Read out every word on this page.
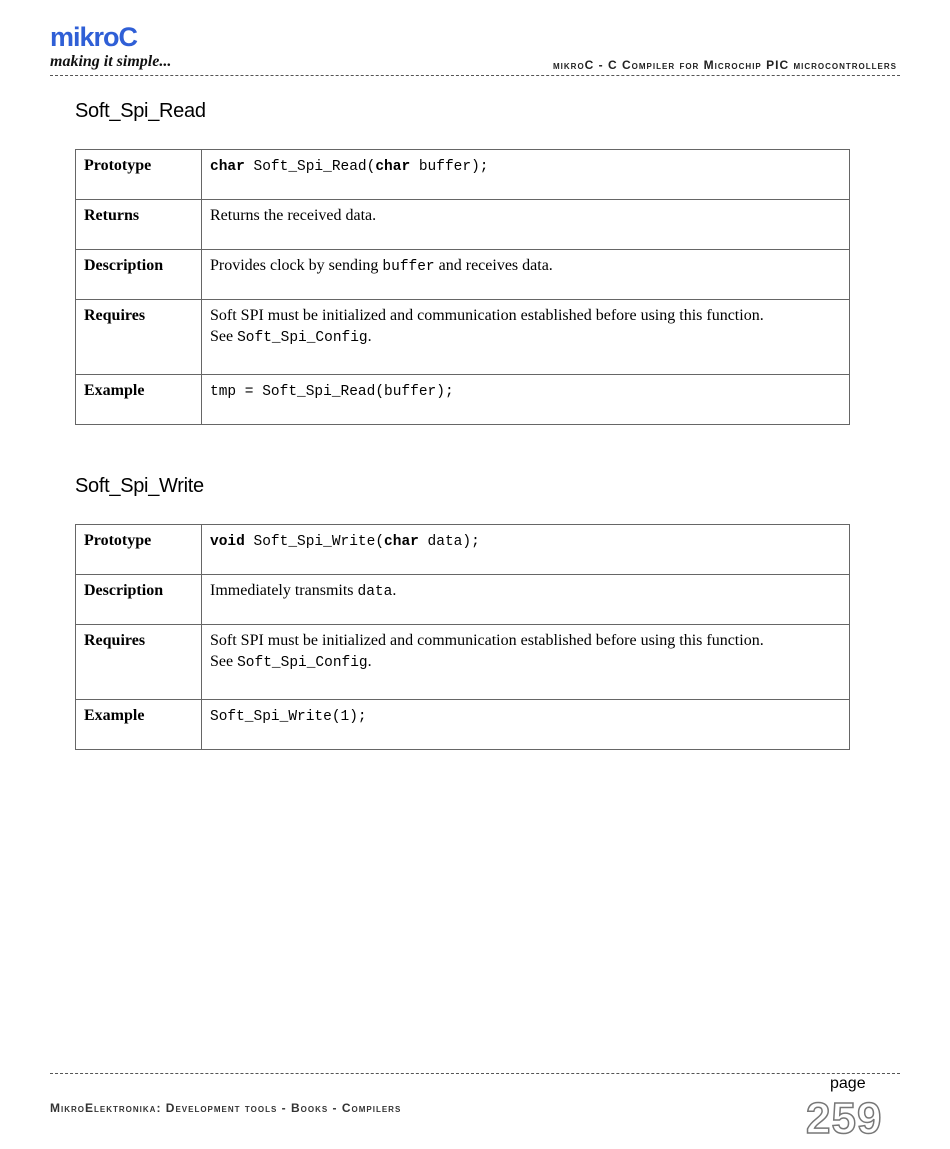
mikroC
making it simple...	mikroC - C Compiler for Microchip PIC microcontrollers
Soft_Spi_Read
Prototype	char Soft_Spi_Read(char buffer);
Returns	Returns the received data.
Description	Provides clock by sending buffer and receives data.
Requires	Soft SPI must be initialized and communication established before using this function.
See Soft_Spi_Config.
Example	tmp = Soft_Spi_Read(buffer);
Soft_Spi_Write
Prototype	void Soft_Spi_Write(char data);
Description	Immediately transmits data.
Requires	Soft SPI must be initialized and communication established before using this function.
See Soft_Spi_Config.
Example	Soft_Spi_Write(1);
page
MikroElektronika: Development tools - Books - Compilers	259
